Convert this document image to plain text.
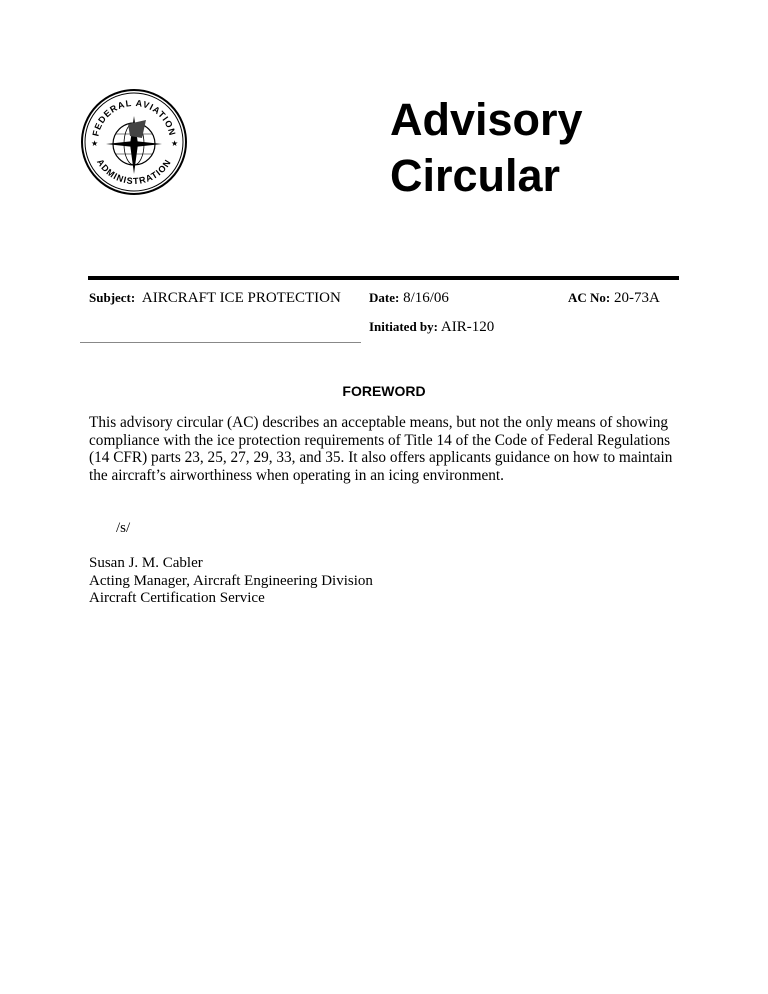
FEDERAL AVIATION
ADMINISTRATION
★	★	Advisory
Circular
Subject: AIRCRAFT ICE PROTECTION Date: 8/16/06	AC No: 20-73A
Initiated by: AIR-120
FOREWORD
This advisory circular (AC) describes an acceptable means, but not the only means of showing compliance with the ice protection requirements of Title 14 of the Code of Federal Regulations (14 CFR) parts 23, 25, 27, 29, 33, and 35. It also offers applicants guidance on how to maintain the aircraft’s airworthiness when operating in an icing environment.
/s/
Susan J. M. Cabler
Acting Manager, Aircraft Engineering Division
Aircraft Certification Service
